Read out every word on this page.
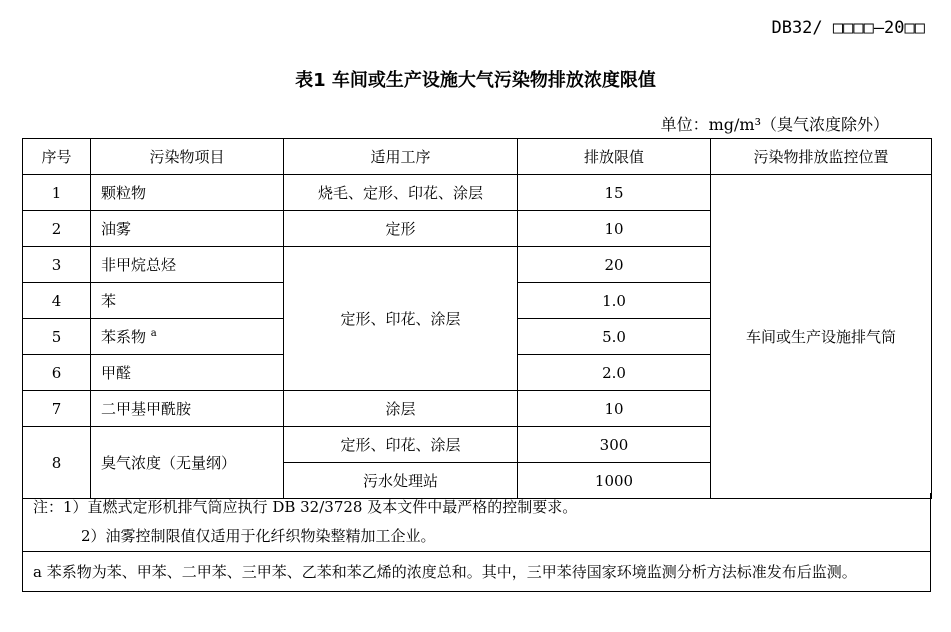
DB32/ □□□□—20□□
表1 车间或生产设施大气污染物排放浓度限值
单位：mg/m³（臭气浓度除外）
序号	污染物项目	适用工序	排放限值	污染物排放监控位置
1	颗粒物	烧毛、定形、印花、涂层	15	车间或生产设施排气筒
2	油雾	定形	10	
3	非甲烷总烃	定形、印花、涂层	20	
4	苯		1.0	
5	苯系物 $^a$		5.0	
6	甲醛		2.0	
7	二甲基甲酰胺	涂层	10	
8	臭气浓度（无量纲）	定形、印花、涂层	300	
		污水处理站	1000	
注：1）直燃式定形机排气筒应执行 DB 32/3728 及本文件中最严格的控制要求。
2）油雾控制限值仅适用于化纤织物染整精加工企业。
a 苯系物为苯、甲苯、二甲苯、三甲苯、乙苯和苯乙烯的浓度总和。其中，三甲苯待国家环境监测分析方法标准发布后监测。
